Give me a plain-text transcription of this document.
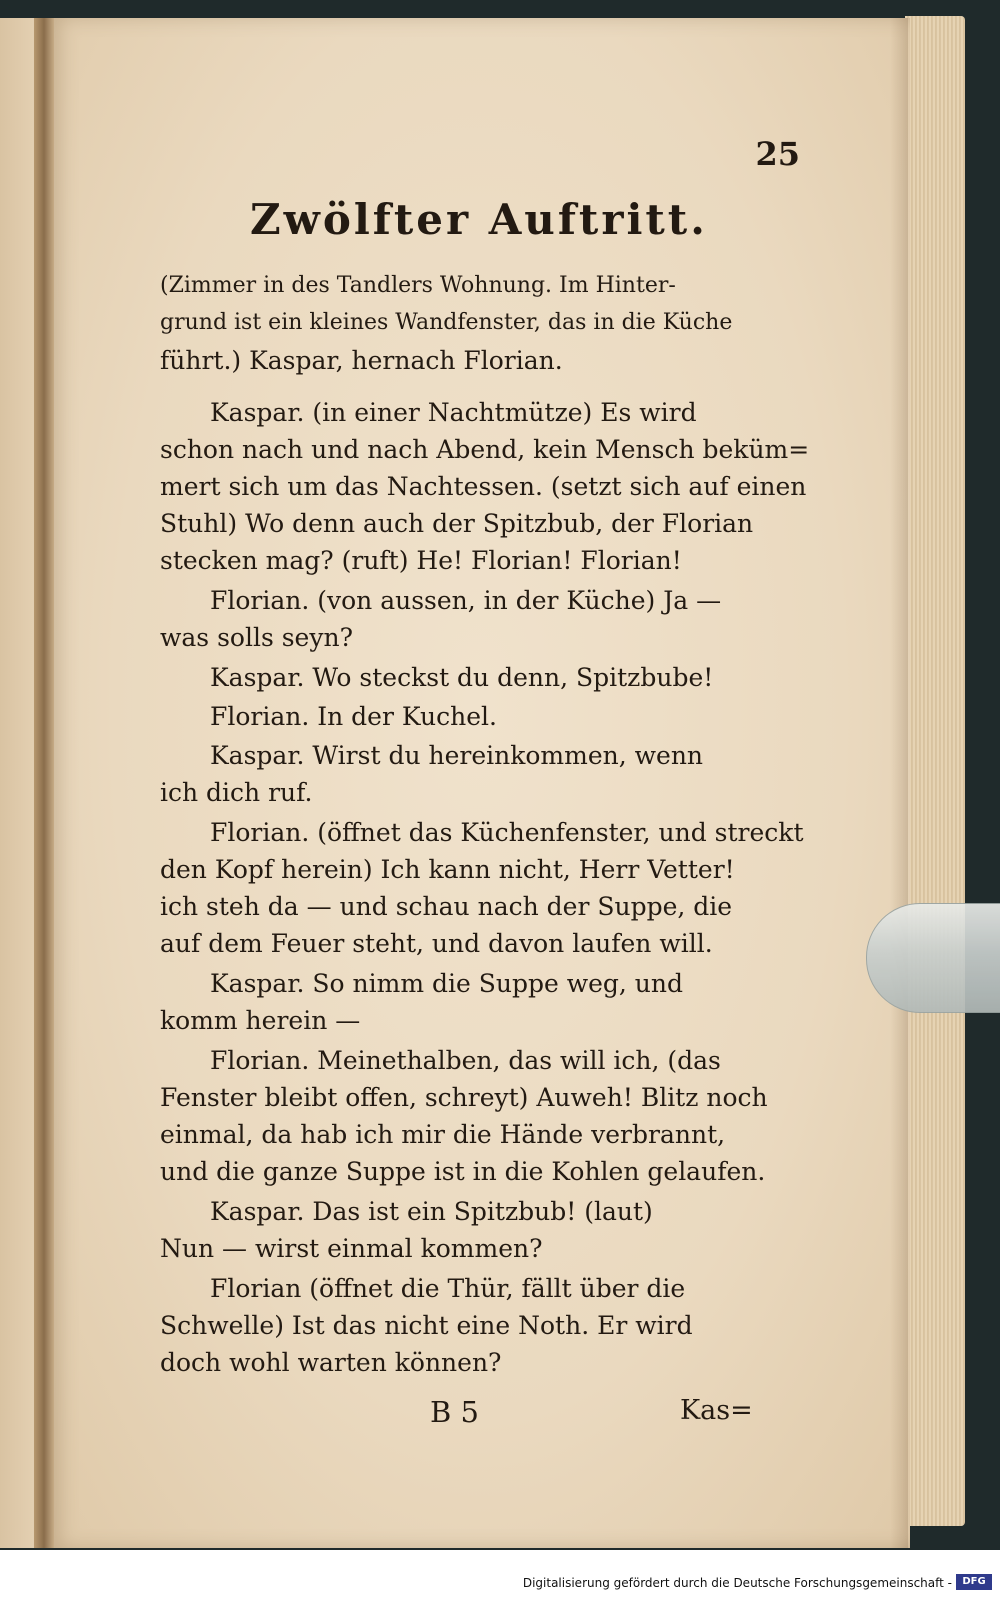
25
Zwölfter Auftritt.
(Zimmer in des Tandlers Wohnung. Im Hinter-
grund ist ein kleines Wandfenster, das in die Küche
führt.) Kaspar, hernach Florian.
Kaspar. (in einer Nachtmütze) Es wird
schon nach und nach Abend, kein Mensch beküm=
mert sich um das Nachtessen. (setzt sich auf einen
Stuhl) Wo denn auch der Spitzbub, der Florian
stecken mag? (ruft) He! Florian! Florian!
Florian. (von aussen, in der Küche) Ja —
was solls seyn?
Kaspar. Wo steckst du denn, Spitzbube!
Florian. In der Kuchel.
Kaspar. Wirst du hereinkommen, wenn
ich dich ruf.
Florian. (öffnet das Küchenfenster, und streckt
den Kopf herein) Ich kann nicht, Herr Vetter!
ich steh da — und schau nach der Suppe, die
auf dem Feuer steht, und davon laufen will.
Kaspar. So nimm die Suppe weg, und
komm herein —
Florian. Meinethalben, das will ich, (das
Fenster bleibt offen, schreyt) Auweh! Blitz noch
einmal, da hab ich mir die Hände verbrannt,
und die ganze Suppe ist in die Kohlen gelaufen.
Kaspar. Das ist ein Spitzbub! (laut)
Nun — wirst einmal kommen?
Florian (öffnet die Thür, fällt über die
Schwelle) Ist das nicht eine Noth. Er wird
doch wohl warten können?
B 5	Kas=
Digitalisierung gefördert durch die Deutsche Forschungsgemeinschaft -	DFG
